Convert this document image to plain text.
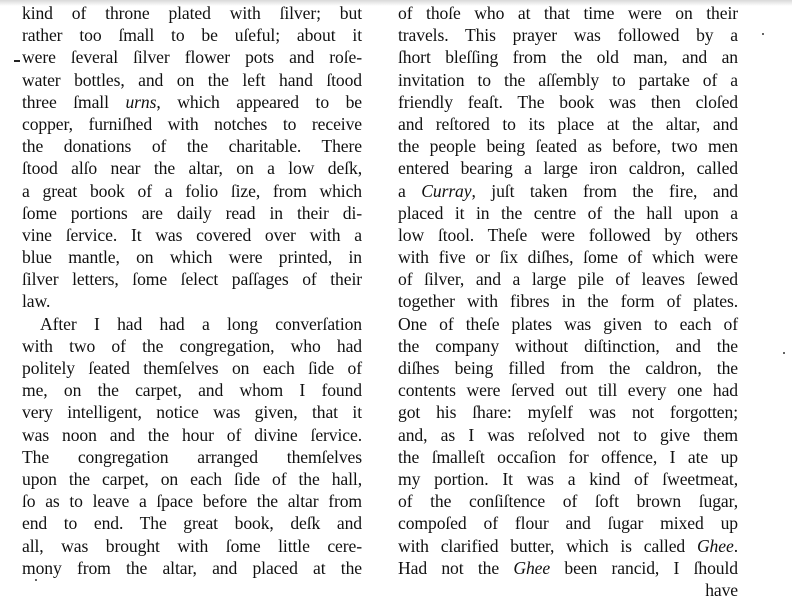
kind of throne plated with ſilver; but
rather too ſmall to be uſeful; about it
were ſeveral ſilver flower pots and roſe-
water bottles, and on the left hand ſtood
three ſmall urns, which appeared to be
copper, furniſhed with notches to receive
the donations of the charitable. There
ſtood alſo near the altar, on a low deſk,
a great book of a folio ſize, from which
ſome portions are daily read in their di-
vine ſervice. It was covered over with a
blue mantle, on which were printed, in
ſilver letters, ſome ſelect paſſages of their
law.
After I had had a long converſation
with two of the congregation, who had
politely ſeated themſelves on each ſide of
me, on the carpet, and whom I found
very intelligent, notice was given, that it
was noon and the hour of divine ſervice.
The congregation arranged themſelves
upon the carpet, on each ſide of the hall,
ſo as to leave a ſpace before the altar from
end to end. The great book, deſk and
all, was brought with ſome little cere-
mony from the altar, and placed at the
of thoſe who at that time were on their
travels. This prayer was followed by a
ſhort bleſſing from the old man, and an
invitation to the aſſembly to partake of a
friendly feaſt. The book was then cloſed
and reſtored to its place at the altar, and
the people being ſeated as before, two men
entered bearing a large iron caldron, called
a Curray, juſt taken from the fire, and
placed it in the centre of the hall upon a
low ſtool. Theſe were followed by others
with five or ſix diſhes, ſome of which were
of ſilver, and a large pile of leaves ſewed
together with fibres in the form of plates.
One of theſe plates was given to each of
the company without diſtinction, and the
diſhes being filled from the caldron, the
contents were ſerved out till every one had
got his ſhare: myſelf was not forgotten;
and, as I was reſolved not to give them
the ſmalleſt occaſion for offence, I ate up
my portion. It was a kind of ſweetmeat,
of the conſiſtence of ſoft brown ſugar,
compoſed of flour and ſugar mixed up
with clarified butter, which is called Ghee.
Had not the Ghee been rancid, I ſhould
have
